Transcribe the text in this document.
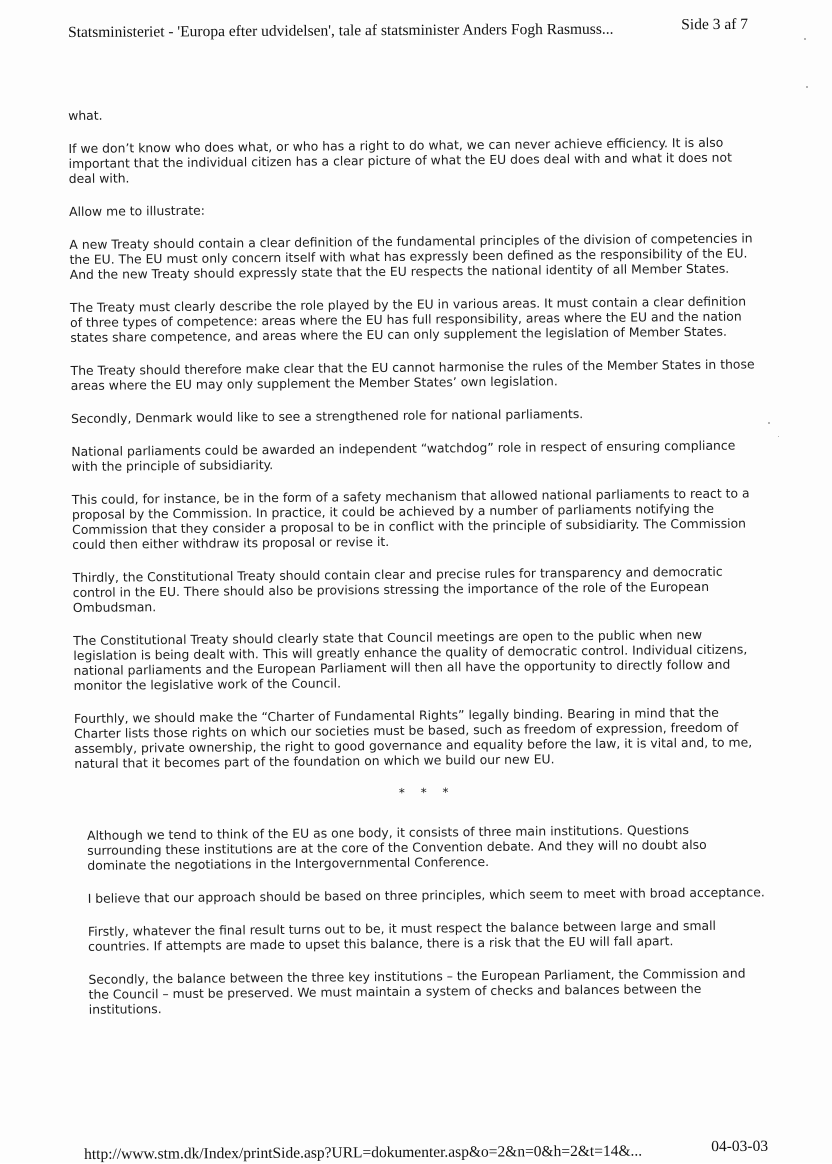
Statsministeriet - 'Europa efter udvidelsen', tale af statsminister Anders Fogh Rasmuss...	Side 3 af 7

what.

If we don’t know who does what, or who has a right to do what, we can never achieve efficiency. It is also important that the individual citizen has a clear picture of what the EU does deal with and what it does not deal with.

Allow me to illustrate:

A new Treaty should contain a clear definition of the fundamental principles of the division of competencies in the EU. The EU must only concern itself with what has expressly been defined as the responsibility of the EU. And the new Treaty should expressly state that the EU respects the national identity of all Member States.

The Treaty must clearly describe the role played by the EU in various areas. It must contain a clear definition of three types of competence: areas where the EU has full responsibility, areas where the EU and the nation states share competence, and areas where the EU can only supplement the legislation of Member States.

The Treaty should therefore make clear that the EU cannot harmonise the rules of the Member States in those areas where the EU may only supplement the Member States’ own legislation.

Secondly, Denmark would like to see a strengthened role for national parliaments.

National parliaments could be awarded an independent “watchdog” role in respect of ensuring compliance with the principle of subsidiarity.

This could, for instance, be in the form of a safety mechanism that allowed national parliaments to react to a proposal by the Commission. In practice, it could be achieved by a number of parliaments notifying the Commission that they consider a proposal to be in conflict with the principle of subsidiarity. The Commission could then either withdraw its proposal or revise it.

Thirdly, the Constitutional Treaty should contain clear and precise rules for transparency and democratic control in the EU. There should also be provisions stressing the importance of the role of the European Ombudsman.

The Constitutional Treaty should clearly state that Council meetings are open to the public when new legislation is being dealt with. This will greatly enhance the quality of democratic control. Individual citizens, national parliaments and the European Parliament will then all have the opportunity to directly follow and monitor the legislative work of the Council.

Fourthly, we should make the “Charter of Fundamental Rights” legally binding. Bearing in mind that the Charter lists those rights on which our societies must be based, such as freedom of expression, freedom of assembly, private ownership, the right to good governance and equality before the law, it is vital and, to me, natural that it becomes part of the foundation on which we build our new EU.

* * *

Although we tend to think of the EU as one body, it consists of three main institutions. Questions surrounding these institutions are at the core of the Convention debate. And they will no doubt also dominate the negotiations in the Intergovernmental Conference.

I believe that our approach should be based on three principles, which seem to meet with broad acceptance.

Firstly, whatever the final result turns out to be, it must respect the balance between large and small countries. If attempts are made to upset this balance, there is a risk that the EU will fall apart.

Secondly, the balance between the three key institutions – the European Parliament, the Commission and the Council – must be preserved. We must maintain a system of checks and balances between the institutions.

http://www.stm.dk/Index/printSide.asp?URL=dokumenter.asp&o=2&n=0&h=2&t=14&...	04-03-03
